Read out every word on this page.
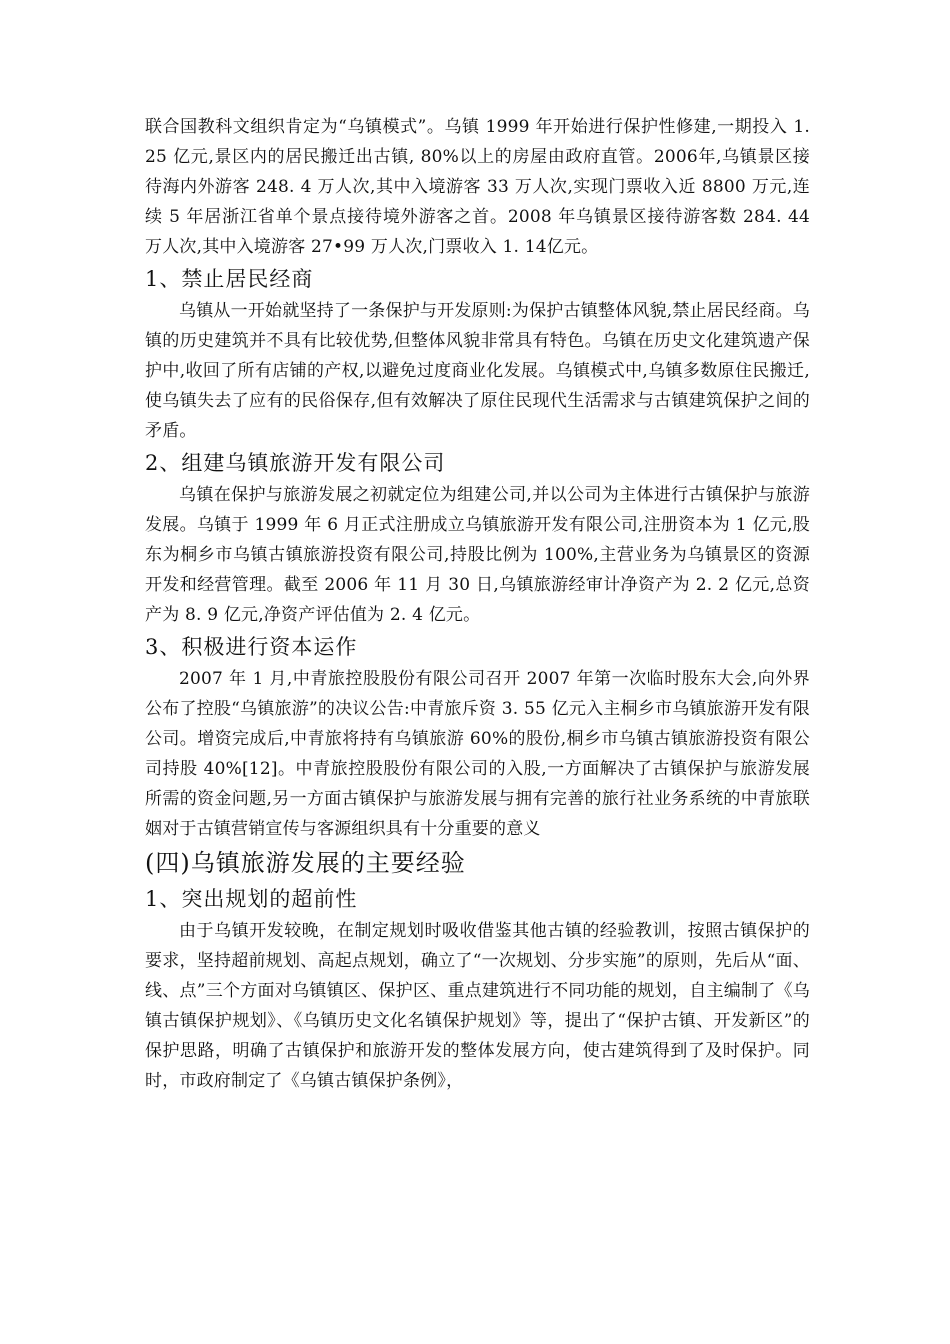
联合国教科文组织肯定为“乌镇模式”。乌镇 1999 年开始进行保护性修建,一期投入 1. 25 亿元,景区内的居民搬迁出古镇, 80%以上的房屋由政府直管。2006年,乌镇景区接待海内外游客 248. 4 万人次,其中入境游客 33 万人次,实现门票收入近 8800 万元,连续 5 年居浙江省单个景点接待境外游客之首。2008 年乌镇景区接待游客数 284. 44 万人次,其中入境游客 27•99 万人次,门票收入 1. 14亿元。

1、禁止居民经商

乌镇从一开始就坚持了一条保护与开发原则:为保护古镇整体风貌,禁止居民经商。乌镇的历史建筑并不具有比较优势,但整体风貌非常具有特色。乌镇在历史文化建筑遗产保护中,收回了所有店铺的产权,以避免过度商业化发展。乌镇模式中,乌镇多数原住民搬迁,使乌镇失去了应有的民俗保存,但有效解决了原住民现代生活需求与古镇建筑保护之间的矛盾。

2、组建乌镇旅游开发有限公司

乌镇在保护与旅游发展之初就定位为组建公司,并以公司为主体进行古镇保护与旅游发展。乌镇于 1999 年 6 月正式注册成立乌镇旅游开发有限公司,注册资本为 1 亿元,股东为桐乡市乌镇古镇旅游投资有限公司,持股比例为 100%,主营业务为乌镇景区的资源开发和经营管理。截至 2006 年 11 月 30 日,乌镇旅游经审计净资产为 2. 2 亿元,总资产为 8. 9 亿元,净资产评估值为 2. 4 亿元。

3、积极进行资本运作

2007 年 1 月,中青旅控股股份有限公司召开 2007 年第一次临时股东大会,向外界公布了控股“乌镇旅游”的决议公告:中青旅斥资 3. 55 亿元入主桐乡市乌镇旅游开发有限公司。增资完成后,中青旅将持有乌镇旅游 60%的股份,桐乡市乌镇古镇旅游投资有限公司持股 40%[12]。中青旅控股股份有限公司的入股,一方面解决了古镇保护与旅游发展所需的资金问题,另一方面古镇保护与旅游发展与拥有完善的旅行社业务系统的中青旅联姻对于古镇营销宣传与客源组织具有十分重要的意义

(四)乌镇旅游发展的主要经验
1、突出规划的超前性

由于乌镇开发较晚，在制定规划时吸收借鉴其他古镇的经验教训，按照古镇保护的要求，坚持超前规划、高起点规划，确立了“一次规划、分步实施”的原则，先后从“面、线、点”三个方面对乌镇镇区、保护区、重点建筑进行不同功能的规划，自主编制了《乌镇古镇保护规划》、《乌镇历史文化名镇保护规划》等，提出了“保护古镇、开发新区”的保护思路，明确了古镇保护和旅游开发的整体发展方向，使古建筑得到了及时保护。同时，市政府制定了《乌镇古镇保护条例》，
